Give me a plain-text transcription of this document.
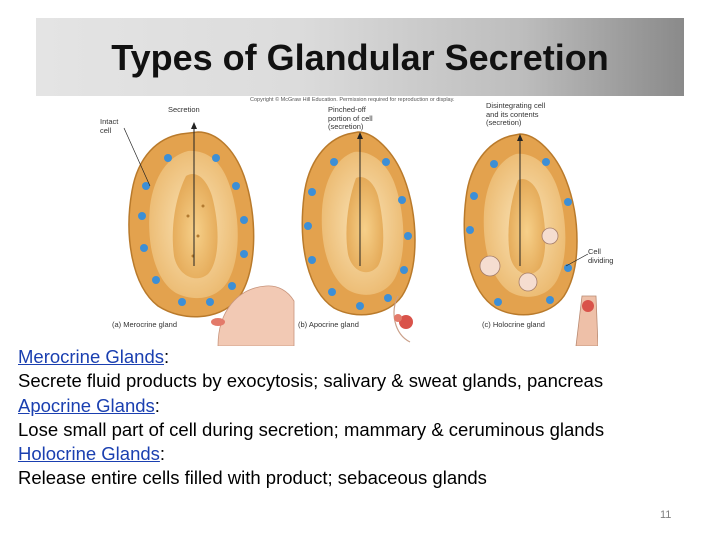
Types of Glandular Secretion
Copyright © McGraw Hill Education. Permission required for reproduction or display.
Secretion
Intact
cell
Pinched-off
portion of cell
(secretion)
Disintegrating cell
and its contents
(secretion)
Cell
dividing
(a) Merocrine gland	(b) Apocrine gland	(c) Holocrine gland
Merocrine Glands:
Secrete fluid products by exocytosis; salivary & sweat glands, pancreas
Apocrine Glands:
Lose small part of cell during secretion; mammary & ceruminous glands
Holocrine Glands:
Release entire cells filled with product; sebaceous glands
11
